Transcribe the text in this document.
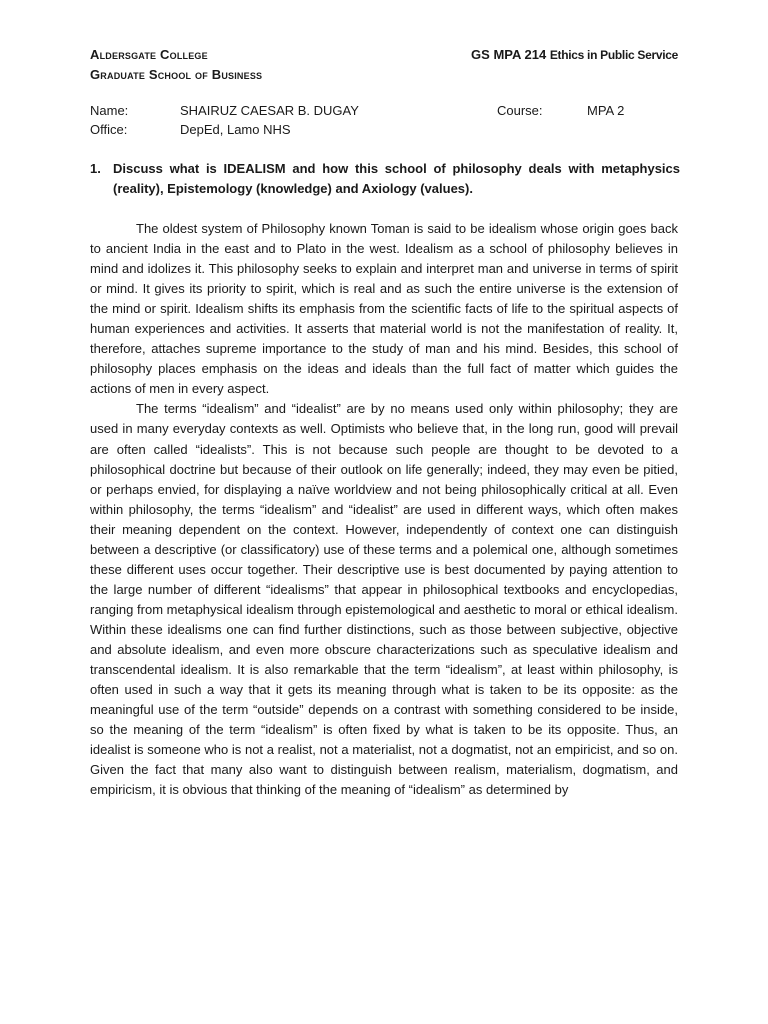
Aldersgate College
Graduate School of Business
GS MPA 214 Ethics in Public Service
Name:	SHAIRUZ CAESAR B. DUGAY	Course:	MPA 2
Office:	DepEd, Lamo NHS
1. Discuss what is IDEALISM and how this school of philosophy deals with metaphysics (reality), Epistemology (knowledge) and Axiology (values).

The oldest system of Philosophy known Toman is said to be idealism whose origin goes back to ancient India in the east and to Plato in the west. Idealism as a school of philosophy believes in mind and idolizes it. This philosophy seeks to explain and interpret man and universe in terms of spirit or mind. It gives its priority to spirit, which is real and as such the entire universe is the extension of the mind or spirit. Idealism shifts its emphasis from the scientific facts of life to the spiritual aspects of human experiences and activities. It asserts that material world is not the manifestation of reality. It, therefore, attaches supreme importance to the study of man and his mind. Besides, this school of philosophy places emphasis on the ideas and ideals than the full fact of matter which guides the actions of men in every aspect.

The terms “idealism” and “idealist” are by no means used only within philosophy; they are used in many everyday contexts as well. Optimists who believe that, in the long run, good will prevail are often called “idealists”. This is not because such people are thought to be devoted to a philosophical doctrine but because of their outlook on life generally; indeed, they may even be pitied, or perhaps envied, for displaying a naïve worldview and not being philosophically critical at all. Even within philosophy, the terms “idealism” and “idealist” are used in different ways, which often makes their meaning dependent on the context. However, independently of context one can distinguish between a descriptive (or classificatory) use of these terms and a polemical one, although sometimes these different uses occur together. Their descriptive use is best documented by paying attention to the large number of different “idealisms” that appear in philosophical textbooks and encyclopedias, ranging from metaphysical idealism through epistemological and aesthetic to moral or ethical idealism. Within these idealisms one can find further distinctions, such as those between subjective, objective and absolute idealism, and even more obscure characterizations such as speculative idealism and transcendental idealism. It is also remarkable that the term “idealism”, at least within philosophy, is often used in such a way that it gets its meaning through what is taken to be its opposite: as the meaningful use of the term “outside” depends on a contrast with something considered to be inside, so the meaning of the term “idealism” is often fixed by what is taken to be its opposite. Thus, an idealist is someone who is not a realist, not a materialist, not a dogmatist, not an empiricist, and so on. Given the fact that many also want to distinguish between realism, materialism, dogmatism, and empiricism, it is obvious that thinking of the meaning of “idealism” as determined by
